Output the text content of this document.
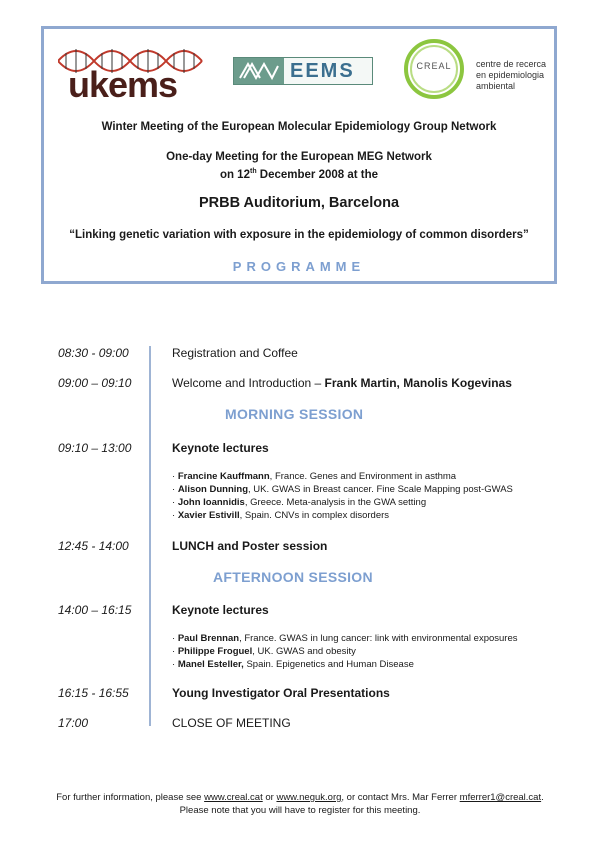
ukems	EEMS	CREAL	centre de recerca
en epidemiologia
ambiental
Winter Meeting of the European Molecular Epidemiology Group Network
One-day Meeting for the European MEG Network
on 12th December 2008 at the
PRBB Auditorium, Barcelona
“Linking genetic variation with exposure in the epidemiology of common disorders”
PROGRAMME
08:30 - 09:00	Registration and Coffee
09:00 – 09:10	Welcome and Introduction – Frank Martin, Manolis Kogevinas
MORNING SESSION
09:10 – 13:00	Keynote lectures
· Francine Kauffmann, France. Genes and Environment in asthma
· Alison Dunning, UK. GWAS in Breast cancer. Fine Scale Mapping post-GWAS
· John Ioannidis, Greece. Meta-analysis in the GWA setting
· Xavier Estivill, Spain. CNVs in complex disorders
12:45 - 14:00	LUNCH and Poster session
AFTERNOON SESSION
14:00 – 16:15	Keynote lectures
· Paul Brennan, France. GWAS in lung cancer: link with environmental exposures
· Philippe Froguel, UK. GWAS and obesity
· Manel Esteller, Spain. Epigenetics and Human Disease
16:15 - 16:55	Young Investigator Oral Presentations
17:00	CLOSE OF MEETING
For further information, please see www.creal.cat or www.neguk.org, or contact Mrs. Mar Ferrer mferrer1@creal.cat.
Please note that you will have to register for this meeting.
